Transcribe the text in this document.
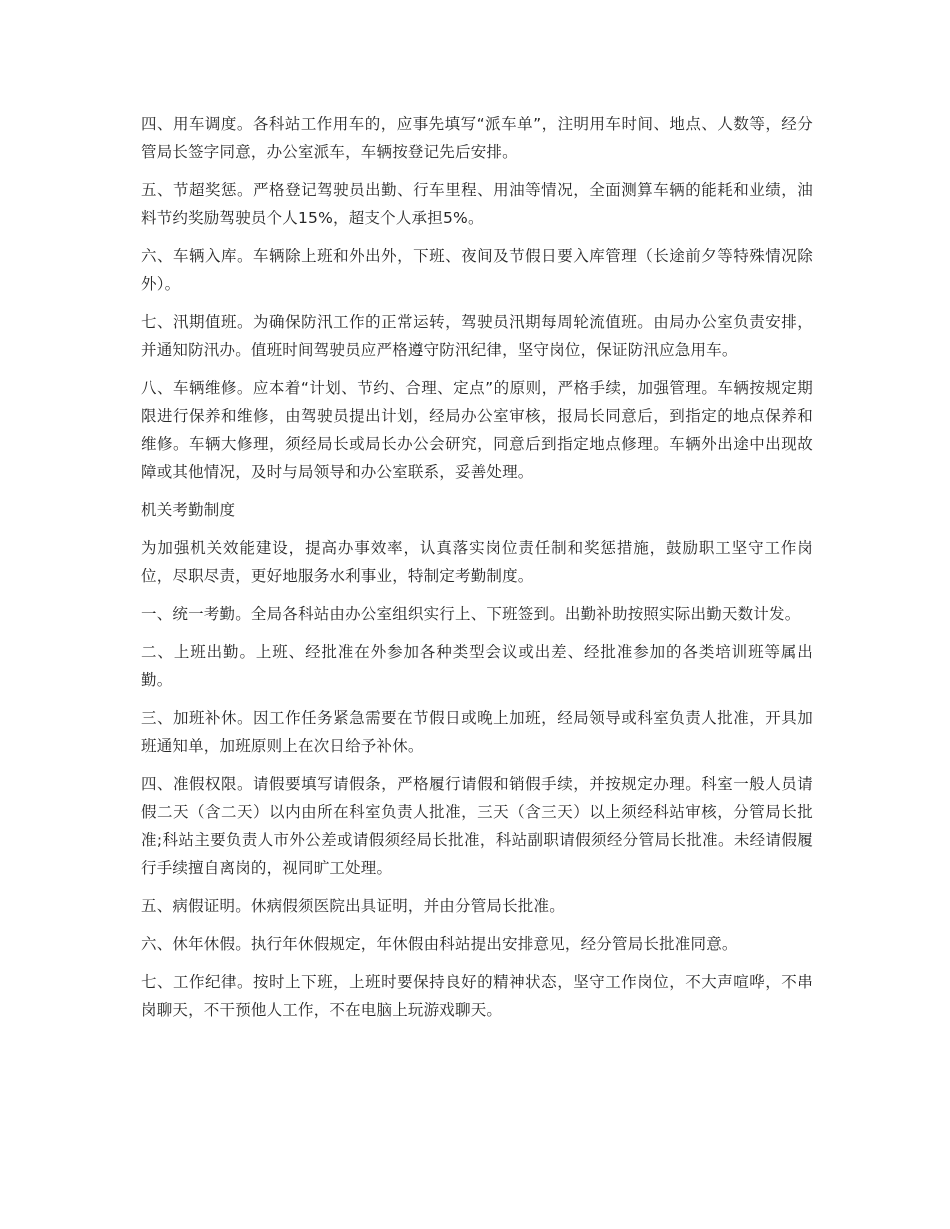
四、用车调度。各科站工作用车的，应事先填写“派车单”，注明用车时间、地点、人数等，经分管局长签字同意，办公室派车，车辆按登记先后安排。

五、节超奖惩。严格登记驾驶员出勤、行车里程、用油等情况，全面测算车辆的能耗和业绩，油料节约奖励驾驶员个人15%，超支个人承担5%。

六、车辆入库。车辆除上班和外出外，下班、夜间及节假日要入库管理（长途前夕等特殊情况除外）。

七、汛期值班。为确保防汛工作的正常运转，驾驶员汛期每周轮流值班。由局办公室负责安排，并通知防汛办。值班时间驾驶员应严格遵守防汛纪律，坚守岗位，保证防汛应急用车。

八、车辆维修。应本着“计划、节约、合理、定点”的原则，严格手续，加强管理。车辆按规定期限进行保养和维修，由驾驶员提出计划，经局办公室审核，报局长同意后，到指定的地点保养和维修。车辆大修理，须经局长或局长办公会研究，同意后到指定地点修理。车辆外出途中出现故障或其他情况，及时与局领导和办公室联系，妥善处理。

机关考勤制度

为加强机关效能建设，提高办事效率，认真落实岗位责任制和奖惩措施，鼓励职工坚守工作岗位，尽职尽责，更好地服务水利事业，特制定考勤制度。

一、统一考勤。全局各科站由办公室组织实行上、下班签到。出勤补助按照实际出勤天数计发。

二、上班出勤。上班、经批准在外参加各种类型会议或出差、经批准参加的各类培训班等属出勤。

三、加班补休。因工作任务紧急需要在节假日或晚上加班，经局领导或科室负责人批准，开具加班通知单，加班原则上在次日给予补休。

四、准假权限。请假要填写请假条，严格履行请假和销假手续，并按规定办理。科室一般人员请假二天（含二天）以内由所在科室负责人批准，三天（含三天）以上须经科站审核，分管局长批准;科站主要负责人市外公差或请假须经局长批准，科站副职请假须经分管局长批准。未经请假履行手续擅自离岗的，视同旷工处理。

五、病假证明。休病假须医院出具证明，并由分管局长批准。

六、休年休假。执行年休假规定，年休假由科站提出安排意见，经分管局长批准同意。

七、工作纪律。按时上下班，上班时要保持良好的精神状态，坚守工作岗位，不大声喧哗，不串岗聊天，不干预他人工作，不在电脑上玩游戏聊天。
